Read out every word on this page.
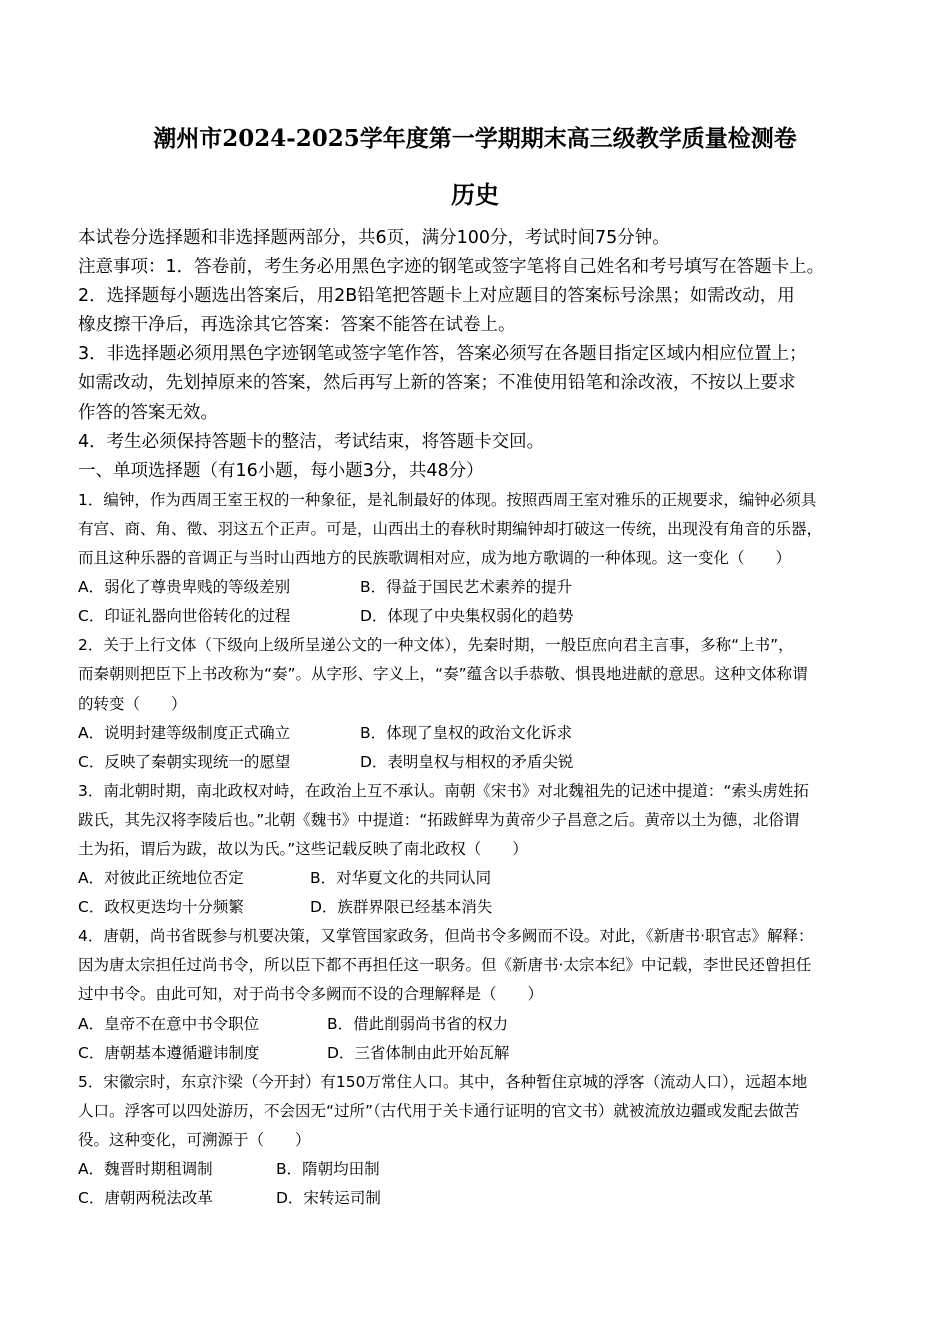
潮州市2024-2025学年度第一学期期末高三级教学质量检测卷
历史
本试卷分选择题和非选择题两部分，共6页，满分100分，考试时间75分钟。
注意事项：1．答卷前，考生务必用黑色字迹的钢笔或签字笔将自己姓名和考号填写在答题卡上。
2．选择题每小题选出答案后，用2B铅笔把答题卡上对应题目的答案标号涂黑；如需改动，用
橡皮擦干净后，再选涂其它答案：答案不能答在试卷上。
3．非选择题必须用黑色字迹钢笔或签字笔作答，答案必须写在各题目指定区域内相应位置上；
如需改动，先划掉原来的答案，然后再写上新的答案；不准使用铅笔和涂改液，不按以上要求
作答的答案无效。
4．考生必须保持答题卡的整洁，考试结束，将答题卡交回。
一、单项选择题（有16小题，每小题3分，共48分）
1．编钟，作为西周王室王权的一种象征，是礼制最好的体现。按照西周王室对雅乐的正规要求，编钟必须具
有宫、商、角、徵、羽这五个正声。可是，山西出土的春秋时期编钟却打破这一传统，出现没有角音的乐器，
而且这种乐器的音调正与当时山西地方的民族歌调相对应，成为地方歌调的一种体现。这一变化（　　）
A．弱化了尊贵卑贱的等级差别	B．得益于国民艺术素养的提升
C．印证礼器向世俗转化的过程	D．体现了中央集权弱化的趋势
2．关于上行文体（下级向上级所呈递公文的一种文体），先秦时期，一般臣庶向君主言事，多称“上书”，
而秦朝则把臣下上书改称为“奏”。从字形、字义上，“奏”蕴含以手恭敬、惧畏地进献的意思。这种文体称谓
的转变（　　）
A．说明封建等级制度正式确立	B．体现了皇权的政治文化诉求
C．反映了秦朝实现统一的愿望	D．表明皇权与相权的矛盾尖锐
3．南北朝时期，南北政权对峙，在政治上互不承认。南朝《宋书》对北魏祖先的记述中提道：“索头虏姓拓
跋氏，其先汉将李陵后也。”北朝《魏书》中提道：“拓跋鲜卑为黄帝少子昌意之后。黄帝以土为德，北俗谓
土为拓，谓后为跋，故以为氏。”这些记载反映了南北政权（　　）
A．对彼此正统地位否定	B．对华夏文化的共同认同
C．政权更迭均十分频繁	D．族群界限已经基本消失
4．唐朝，尚书省既参与机要决策，又掌管国家政务，但尚书令多阙而不设。对此，《新唐书·职官志》解释：
因为唐太宗担任过尚书令，所以臣下都不再担任这一职务。但《新唐书·太宗本纪》中记载，李世民还曾担任
过中书令。由此可知，对于尚书令多阙而不设的合理解释是（　　）
A．皇帝不在意中书令职位	B．借此削弱尚书省的权力
C．唐朝基本遵循避讳制度	D．三省体制由此开始瓦解
5．宋徽宗时，东京汴梁（今开封）有150万常住人口。其中，各种暂住京城的浮客（流动人口），远超本地
人口。浮客可以四处游历，不会因无“过所”（古代用于关卡通行证明的官文书）就被流放边疆或发配去做苦
役。这种变化，可溯源于（　　）
A．魏晋时期租调制	B．隋朝均田制
C．唐朝两税法改革	D．宋转运司制
